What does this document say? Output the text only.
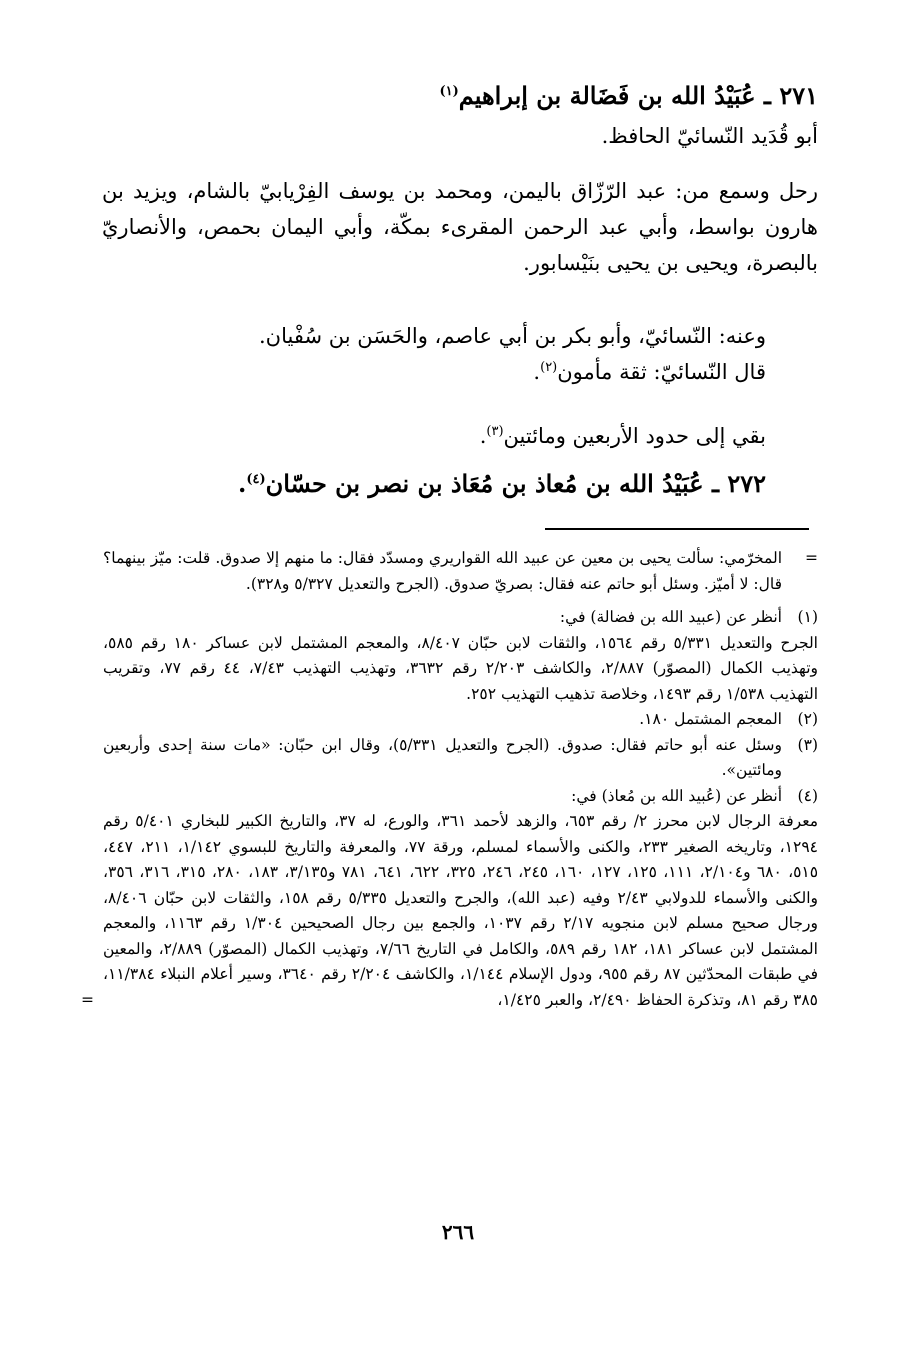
٢٧١ ـ عُبَيْدُ الله بن فَضَالة بن إبراهيم$^{(١)}$
أبو قُدَيد النّسائيّ الحافظ.
رحل وسمع من: عبد الرّزّاق باليمن، ومحمد بن يوسف الفِرْيابيّ بالشام، ويزيد بن هارون بواسط، وأبي عبد الرحمن المقرىء بمكّة، وأبي اليمان بحمص، والأنصاريّ بالبصرة، ويحيى بن يحيى بنَيْسابور.
وعنه: النّسائيّ، وأبو بكر بن أبي عاصم، والحَسَن بن سُفْيان.
قال النّسائيّ: ثقة مأمون$^{(٢)}$.
بقي إلى حدود الأربعين ومائتين$^{(٣)}$.
٢٧٢ ـ عُبَيْدُ الله بن مُعاذ بن مُعَاذ بن نصر بن حسّان$^{(٤)}$.
=
المخرّمي: سألت يحيى بن معين عن عبيد الله القواريري ومسدّد فقال: ما منهم إلا صدوق. قلت: ميّز بينهما؟ قال: لا أميّز. وسئل أبو حاتم عنه فقال: بصريّ صدوق. (الجرح والتعديل ٥/٣٢٧ و٣٢٨).
(١)
أنظر عن (عبيد الله بن فضالة) في:
الجرح والتعديل ٥/٣٣١ رقم ١٥٦٤، والثقات لابن حبّان ٨/٤٠٧، والمعجم المشتمل لابن عساكر ١٨٠ رقم ٥٨٥، وتهذيب الكمال (المصوّر) ٢/٨٨٧، والكاشف ٢/٢٠٣ رقم ٣٦٣٢، وتهذيب التهذيب ٧/٤٣، ٤٤ رقم ٧٧، وتقريب التهذيب ١/٥٣٨ رقم ١٤٩٣، وخلاصة تذهيب التهذيب ٢٥٢.
(٢)
المعجم المشتمل ١٨٠.
(٣)
وسئل عنه أبو حاتم فقال: صدوق. (الجرح والتعديل ٥/٣٣١)، وقال ابن حبّان: «مات سنة إحدى وأربعين ومائتين».
(٤)
أنظر عن (عُبيد الله بن مُعاذ) في:
معرفة الرجال لابن محرز ٢/ رقم ٦٥٣، والزهد لأحمد ٣٦١، والورع، له ٣٧، والتاريخ الكبير للبخاري ٥/٤٠١ رقم ١٢٩٤، وتاريخه الصغير ٢٣٣، والكنى والأسماء لمسلم، ورقة ٧٧، والمعرفة والتاريخ للبسوي ١/١٤٢، ٢١١، ٤٤٧، ٥١٥، ٦٨٠ و٢/١٠٤، ١١١، ١٢٥، ١٢٧، ١٦٠، ٢٤٥، ٢٤٦، ٣٢٥، ٦٢٢، ٦٤١، ٧٨١ و٣/١٣٥، ١٨٣، ٢٨٠، ٣١٥، ٣١٦، ٣٥٦، والكنى والأسماء للدولابي ٢/٤٣ وفيه (عبد الله)، والجرح والتعديل ٥/٣٣٥ رقم ١٥٨، والثقات لابن حبّان ٨/٤٠٦، ورجال صحيح مسلم لابن منجويه ٢/١٧ رقم ١٠٣٧، والجمع بين رجال الصحيحين ١/٣٠٤ رقم ١١٦٣، والمعجم المشتمل لابن عساكر ١٨١، ١٨٢ رقم ٥٨٩، والكامل في التاريخ ٧/٦٦، وتهذيب الكمال (المصوّر) ٢/٨٨٩، والمعين في طبقات المحدّثين ٨٧ رقم ٩٥٥، ودول الإسلام ١/١٤٤، والكاشف ٢/٢٠٤ رقم ٣٦٤٠، وسير أعلام النبلاء ١١/٣٨٤، ٣٨٥ رقم ٨١، وتذكرة الحفاظ ٢/٤٩٠، والعبر ١/٤٢٥،
=
٢٦٦
